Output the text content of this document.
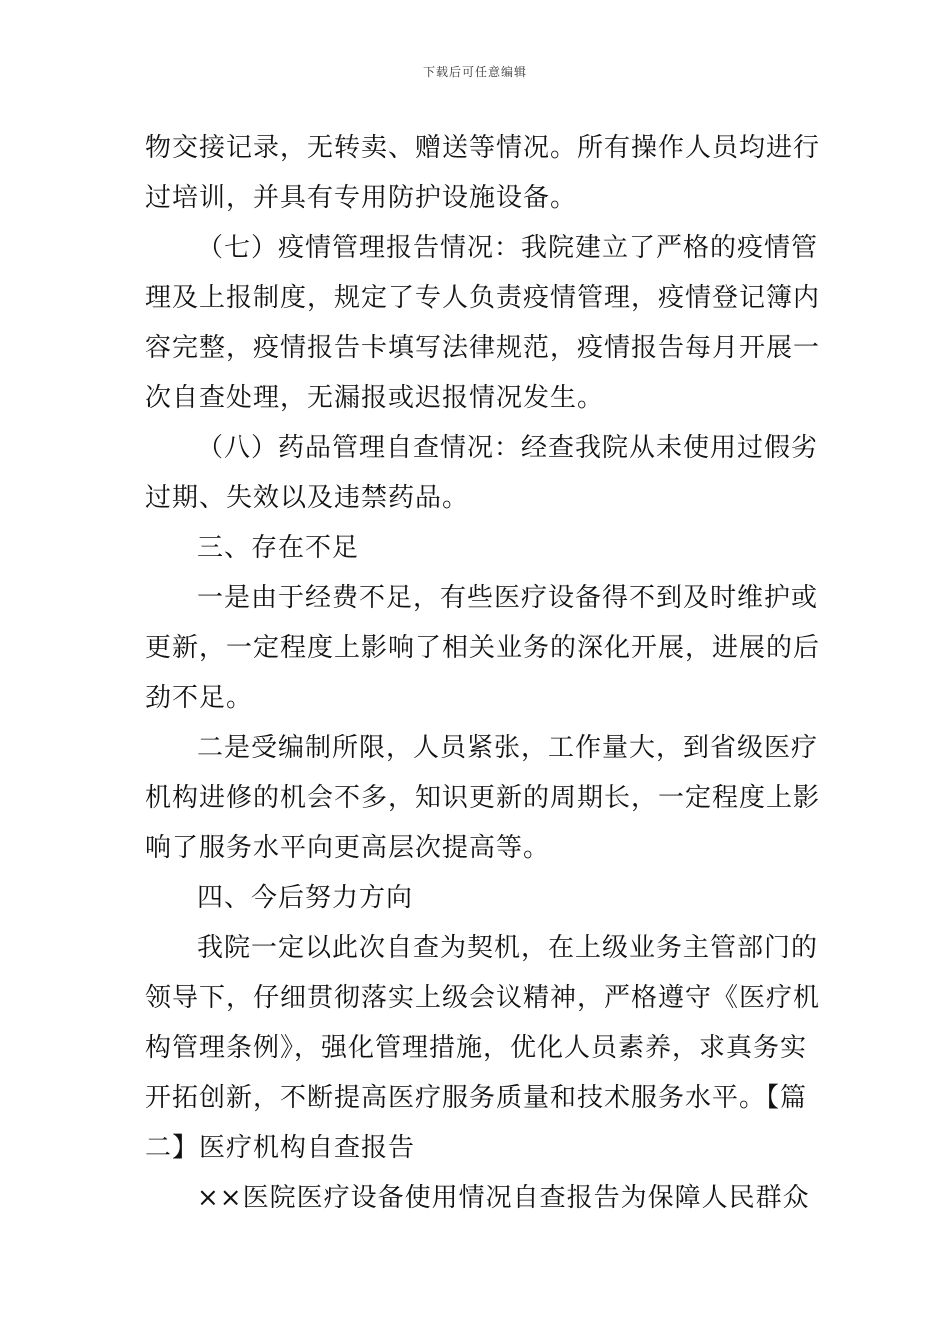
下载后可任意编辑
物交接记录，无转卖、赠送等情况。所有操作人员均进行
过培训，并具有专用防护设施设备。
（七）疫情管理报告情况：我院建立了严格的疫情管
理及上报制度，规定了专人负责疫情管理，疫情登记簿内
容完整，疫情报告卡填写法律规范，疫情报告每月开展一
次自查处理，无漏报或迟报情况发生。
（八）药品管理自查情况：经查我院从未使用过假劣
过期、失效以及违禁药品。
三、存在不足
一是由于经费不足，有些医疗设备得不到及时维护或
更新，一定程度上影响了相关业务的深化开展，进展的后
劲不足。
二是受编制所限，人员紧张，工作量大，到省级医疗
机构进修的机会不多，知识更新的周期长，一定程度上影
响了服务水平向更高层次提高等。
四、今后努力方向
我院一定以此次自查为契机，在上级业务主管部门的
领导下，仔细贯彻落实上级会议精神，严格遵守《医疗机
构管理条例》，强化管理措施，优化人员素养，求真务实
开拓创新，不断提高医疗服务质量和技术服务水平。【篇
二】医疗机构自查报告
××医院医疗设备使用情况自查报告为保障人民群众
